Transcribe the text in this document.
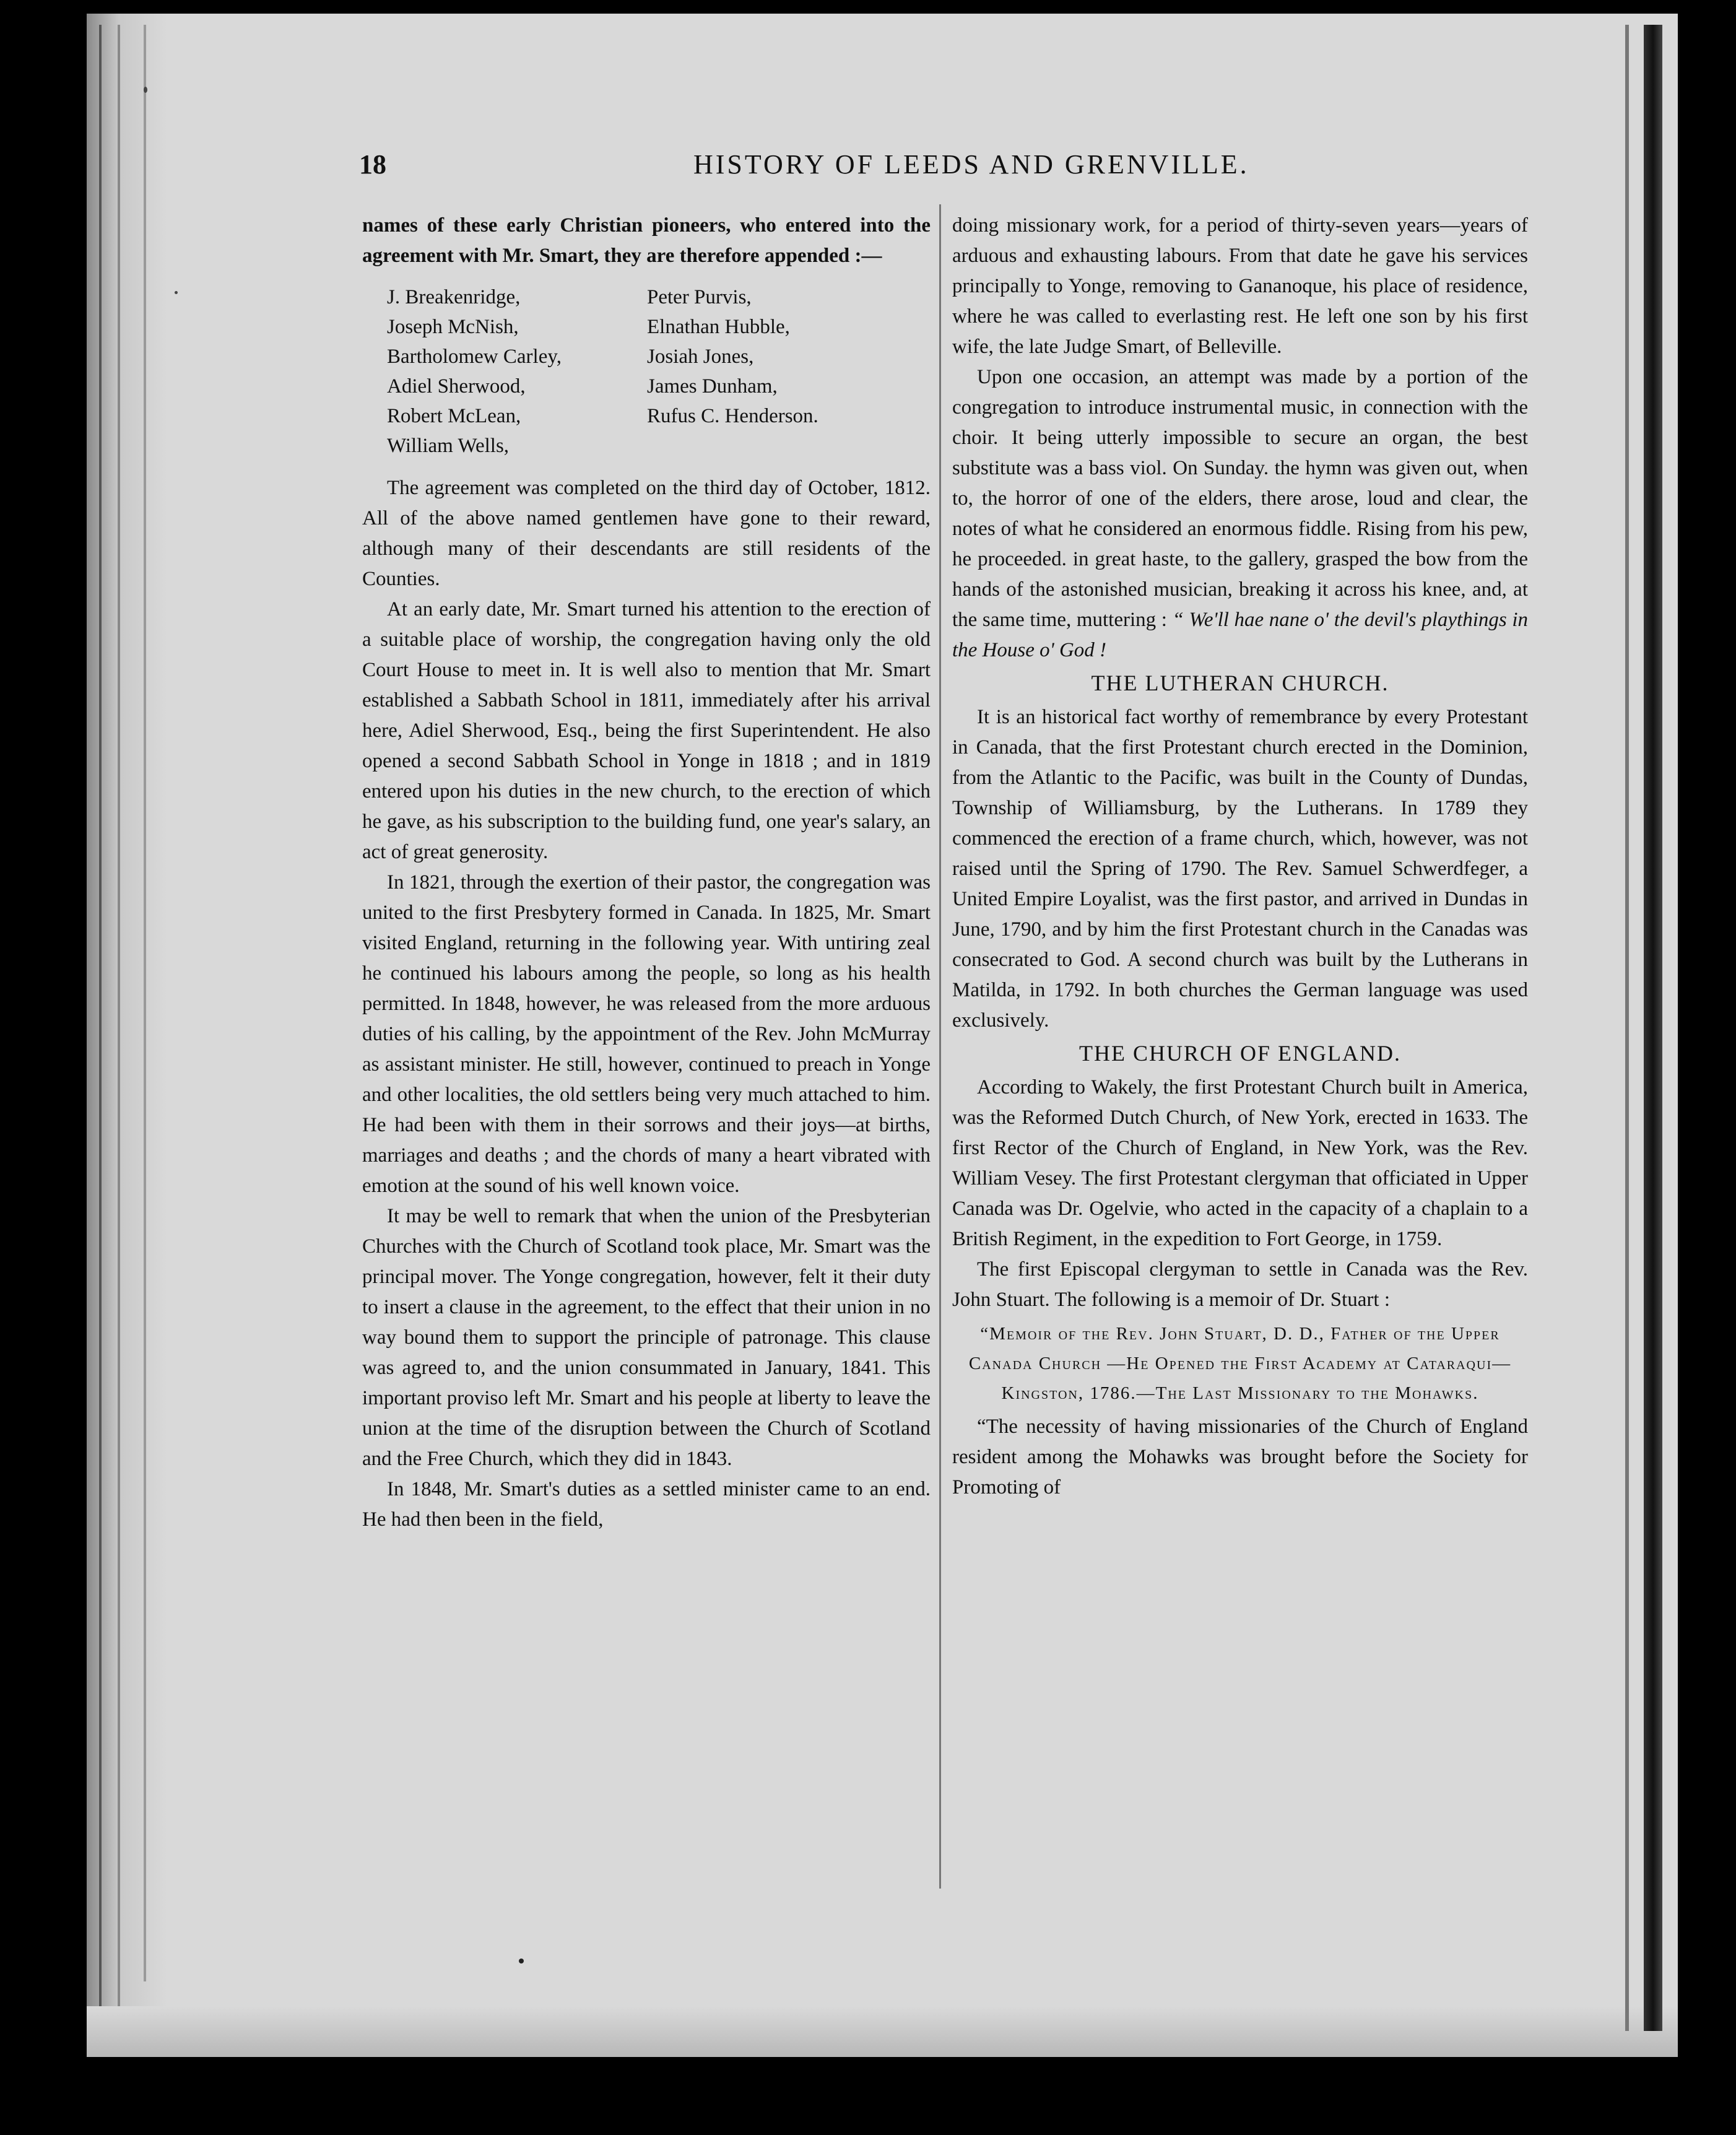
18	HISTORY OF LEEDS AND GRENVILLE.

names of these early Christian pioneers, who entered into the agreement with Mr. Smart, they are therefore appended :—

J. Breakenridge,
Joseph McNish,
Bartholomew Carley,
Adiel Sherwood,
Robert McLean,
William Wells,
Peter Purvis,
Elnathan Hubble,
Josiah Jones,
James Dunham,
Rufus C. Henderson.

The agreement was completed on the third day of October, 1812. All of the above named gentlemen have gone to their reward, although many of their descendants are still residents of the Counties.

At an early date, Mr. Smart turned his attention to the erection of a suitable place of worship, the congregation having only the old Court House to meet in. It is well also to mention that Mr. Smart established a Sabbath School in 1811, immediately after his arrival here, Adiel Sherwood, Esq., being the first Superintendent. He also opened a second Sabbath School in Yonge in 1818 ; and in 1819 entered upon his duties in the new church, to the erection of which he gave, as his subscription to the building fund, one year's salary, an act of great generosity.

In 1821, through the exertion of their pastor, the congregation was united to the first Presbytery formed in Canada. In 1825, Mr. Smart visited England, returning in the following year. With untiring zeal he continued his labours among the people, so long as his health permitted. In 1848, however, he was released from the more arduous duties of his calling, by the appointment of the Rev. John McMurray as assistant minister. He still, however, continued to preach in Yonge and other localities, the old settlers being very much attached to him. He had been with them in their sorrows and their joys—at births, marriages and deaths ; and the chords of many a heart vibrated with emotion at the sound of his well known voice.

It may be well to remark that when the union of the Presbyterian Churches with the Church of Scotland took place, Mr. Smart was the principal mover. The Yonge congregation, however, felt it their duty to insert a clause in the agreement, to the effect that their union in no way bound them to support the principle of patronage. This clause was agreed to, and the union consummated in January, 1841. This important proviso left Mr. Smart and his people at liberty to leave the union at the time of the disruption between the Church of Scotland and the Free Church, which they did in 1843.

In 1848, Mr. Smart's duties as a settled minister came to an end. He had then been in the field,

doing missionary work, for a period of thirty-seven years—years of arduous and exhausting labours. From that date he gave his services principally to Yonge, removing to Gananoque, his place of residence, where he was called to everlasting rest. He left one son by his first wife, the late Judge Smart, of Belleville.

Upon one occasion, an attempt was made by a portion of the congregation to introduce instrumental music, in connection with the choir. It being utterly impossible to secure an organ, the best substitute was a bass viol. On Sunday. the hymn was given out, when to, the horror of one of the elders, there arose, loud and clear, the notes of what he considered an enormous fiddle. Rising from his pew, he proceeded. in great haste, to the gallery, grasped the bow from the hands of the astonished musician, breaking it across his knee, and, at the same time, muttering : “ We'll hae nane o' the devil's playthings in the House o' God !

THE LUTHERAN CHURCH.

It is an historical fact worthy of remembrance by every Protestant in Canada, that the first Protestant church erected in the Dominion, from the Atlantic to the Pacific, was built in the County of Dundas, Township of Williamsburg, by the Lutherans. In 1789 they commenced the erection of a frame church, which, however, was not raised until the Spring of 1790. The Rev. Samuel Schwerdfeger, a United Empire Loyalist, was the first pastor, and arrived in Dundas in June, 1790, and by him the first Protestant church in the Canadas was consecrated to God. A second church was built by the Lutherans in Matilda, in 1792. In both churches the German language was used exclusively.

THE CHURCH OF ENGLAND.

According to Wakely, the first Protestant Church built in America, was the Reformed Dutch Church, of New York, erected in 1633. The first Rector of the Church of England, in New York, was the Rev. William Vesey. The first Protestant clergyman that officiated in Upper Canada was Dr. Ogelvie, who acted in the capacity of a chaplain to a British Regiment, in the expedition to Fort George, in 1759.

The first Episcopal clergyman to settle in Canada was the Rev. John Stuart. The following is a memoir of Dr. Stuart :

“Memoir of the Rev. John Stuart, D. D., Father of the Upper Canada Church —He Opened the First Academy at Cataraqui— Kingston, 1786.—The Last Missionary to the Mohawks.

“The necessity of having missionaries of the Church of England resident among the Mohawks was brought before the Society for Promoting of
